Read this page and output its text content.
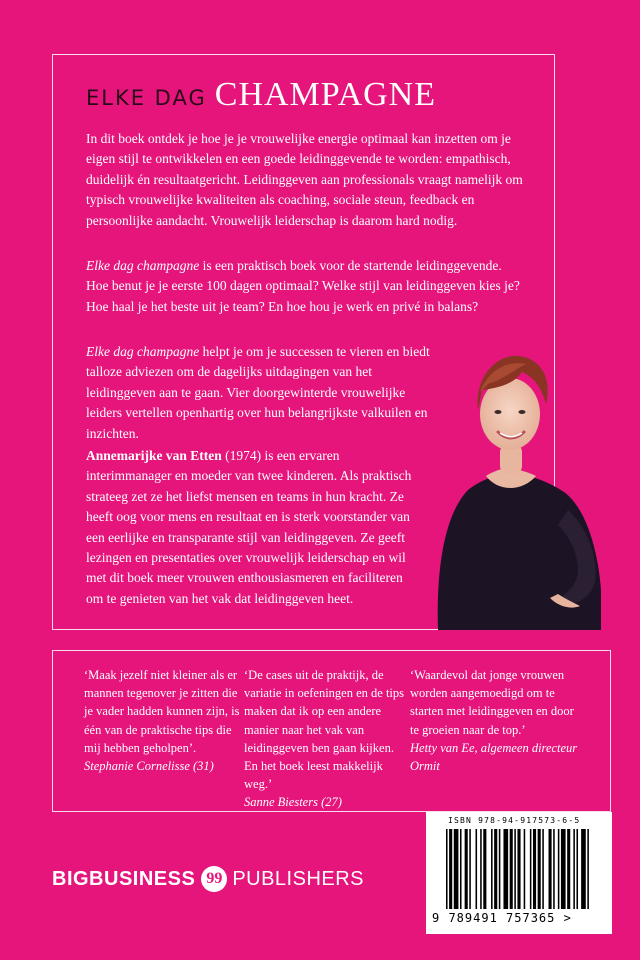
ELKE DAG CHAMPAGNE

In dit boek ontdek je hoe je je vrouwelijke energie optimaal kan inzetten om je eigen stijl te ontwikkelen en een goede leidinggevende te worden: empathisch, duidelijk én resultaatgericht. Leidinggeven aan professionals vraagt namelijk om typisch vrouwelijke kwaliteiten als coaching, sociale steun, feedback en persoonlijke aandacht. Vrouwelijk leiderschap is daarom hard nodig.

Elke dag champagne is een praktisch boek voor de startende leidinggevende. Hoe benut je je eerste 100 dagen optimaal? Welke stijl van leidinggeven kies je? Hoe haal je het beste uit je team? En hoe hou je werk en privé in balans?

Elke dag champagne helpt je om je successen te vieren en biedt talloze adviezen om de dagelijks uitdagingen van het leidinggeven aan te gaan. Vier doorgewinterde vrouwelijke leiders vertellen openhartig over hun belangrijkste valkuilen en inzichten.

Annemarijke van Etten (1974) is een ervaren interimmanager en moeder van twee kinderen. Als praktisch strateeg zet ze het liefst mensen en teams in hun kracht. Ze heeft oog voor mens en resultaat en is sterk voorstander van een eerlijke en transparante stijl van leidinggeven. Ze geeft lezingen en presentaties over vrouwelijk leiderschap en wil met dit boek meer vrouwen enthousiasmeren en faciliteren om te genieten van het vak dat leidinggeven heet.

‘Maak jezelf niet kleiner als er mannen tegenover je zitten die je vader hadden kunnen zijn, is één van de praktische tips die mij hebben geholpen’.
Stephanie Cornelisse (31)

‘De cases uit de praktijk, de variatie in oefeningen en de tips maken dat ik op een andere manier naar het vak van leidinggeven ben gaan kijken. En het boek leest makkelijk weg.’
Sanne Biesters (27)

‘Waardevol dat jonge vrouwen worden aangemoedigd om te starten met leidinggeven en door te groeien naar de top.’
Hetty van Ee, algemeen directeur Ormit

BIGBUSINESS 99 PUBLISHERS

ISBN 978-94-917573-6-5

9 789491 757365 >
